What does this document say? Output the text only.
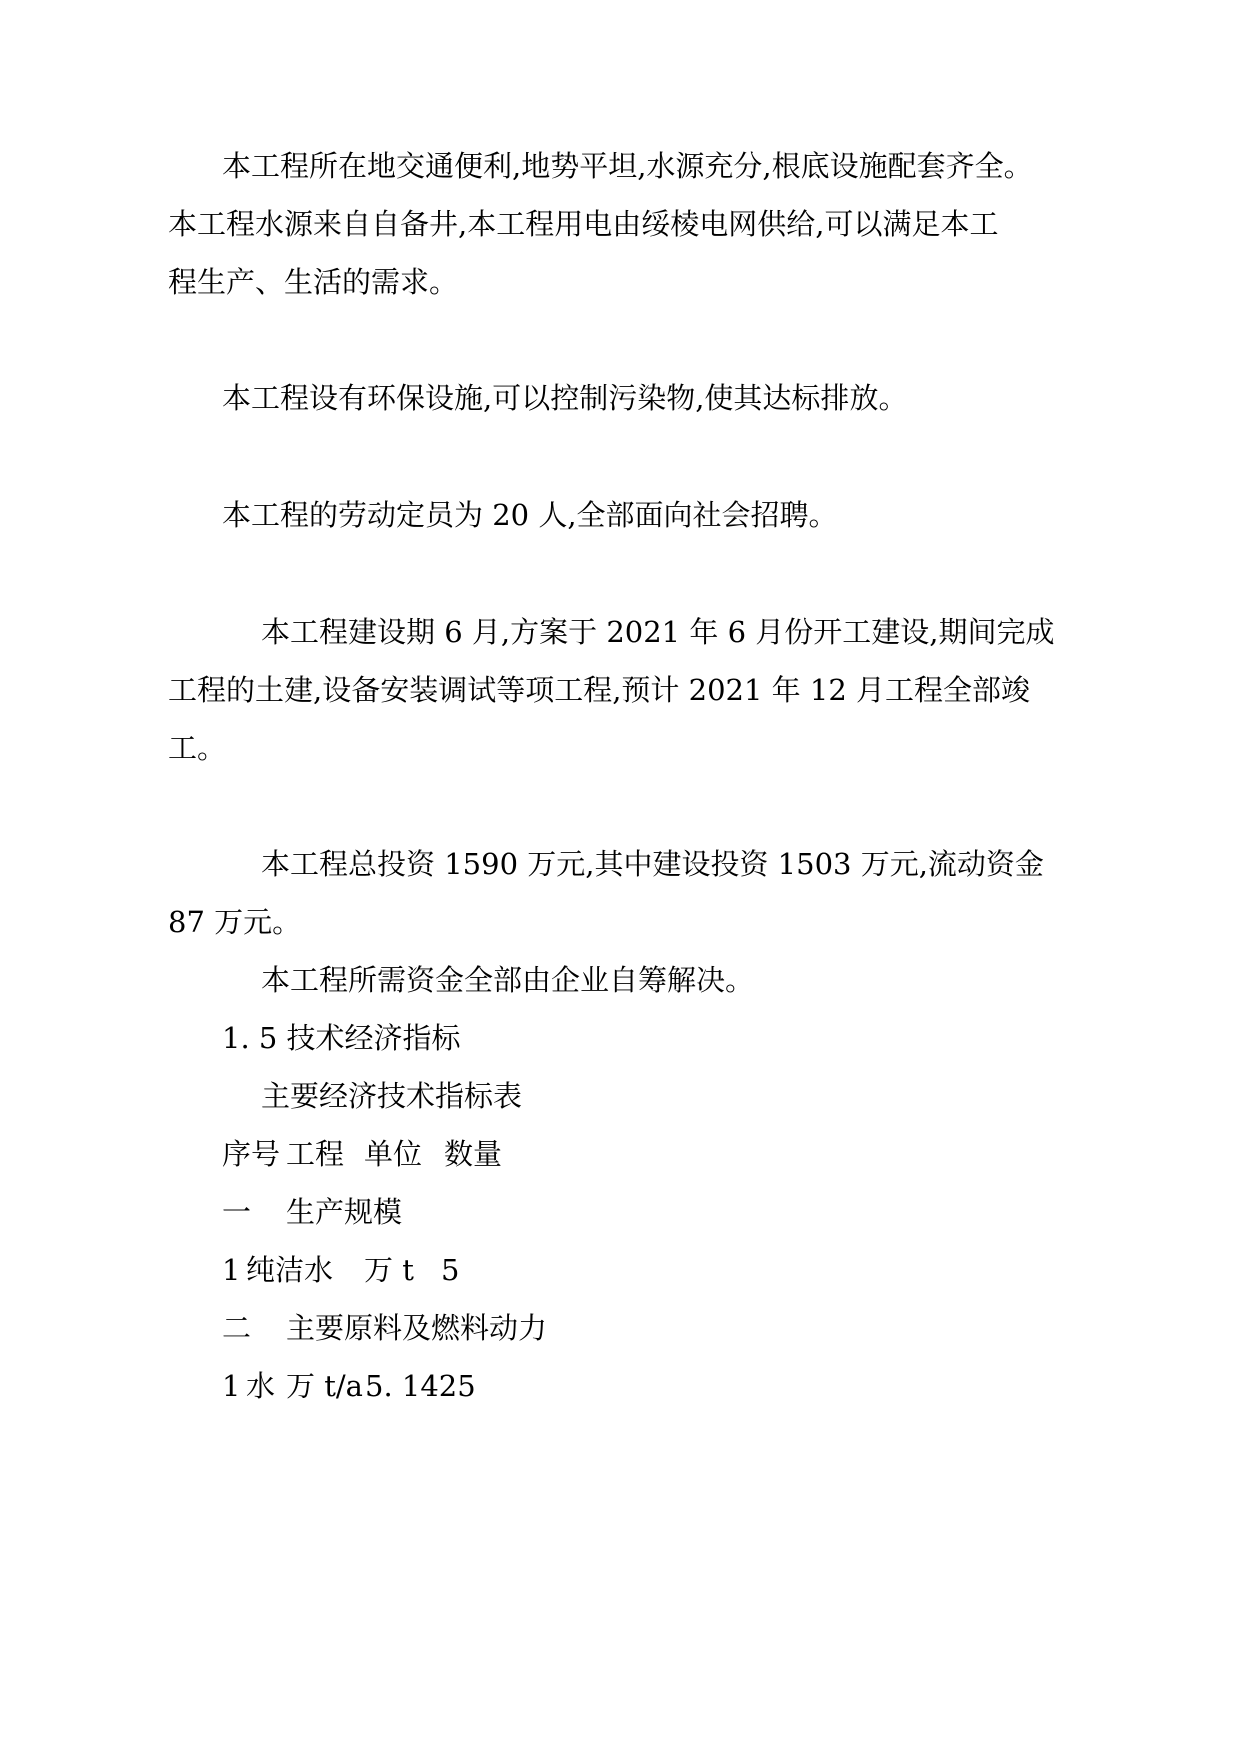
本工程所在地交通便利,地势平坦,水源充分,根底设施配套齐全。
本工程水源来自自备井,本工程用电由绥棱电网供给,可以满足本工
程生产、生活的需求。
本工程设有环保设施,可以控制污染物,使其达标排放。
本工程的劳动定员为 20 人,全部面向社会招聘。
本工程建设期 6 月,方案于 2021 年 6 月份开工建设,期间完成
工程的土建,设备安装调试等项工程,预计 2021 年 12 月工程全部竣
工。
本工程总投资 1590 万元,其中建设投资 1503 万元,流动资金
87 万元。
本工程所需资金全部由企业自筹解决。
1. 5 技术经济指标
主要经济技术指标表
序号 工程 单位 数量
一 生产规模
1 纯洁水 万 t 5
二 主要原料及燃料动力
1 水 万 t/a 5. 1425
